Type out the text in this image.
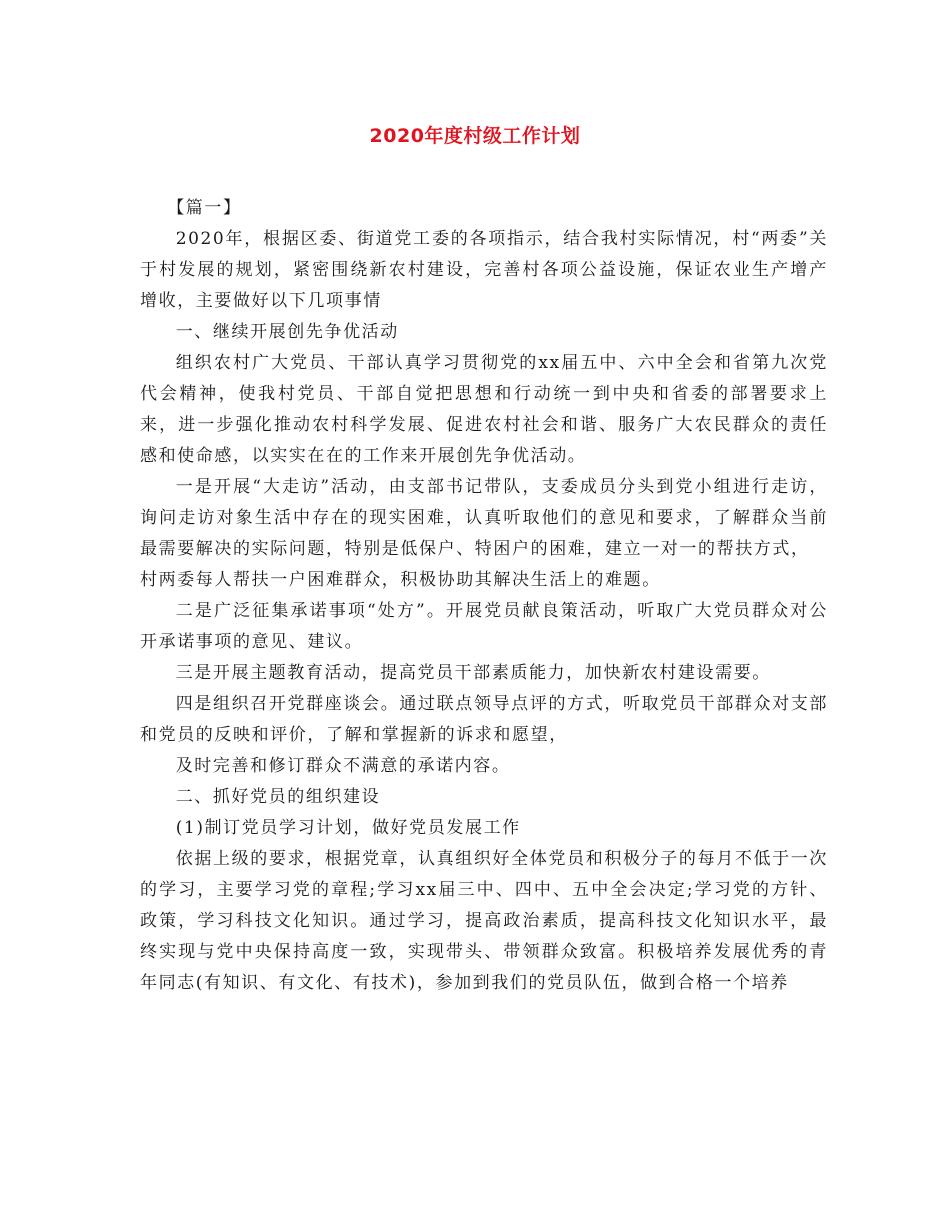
2020年度村级工作计划

【篇一】

2020年，根据区委、街道党工委的各项指示，结合我村实际情况，村“两委”关于村发展的规划，紧密围绕新农村建设，完善村各项公益设施，保证农业生产增产增收，主要做好以下几项事情

一、继续开展创先争优活动

组织农村广大党员、干部认真学习贯彻党的xx届五中、六中全会和省第九次党代会精神，使我村党员、干部自觉把思想和行动统一到中央和省委的部署要求上来，进一步强化推动农村科学发展、促进农村社会和谐、服务广大农民群众的责任感和使命感，以实实在在的工作来开展创先争优活动。

一是开展“大走访”活动，由支部书记带队，支委成员分头到党小组进行走访，询问走访对象生活中存在的现实困难，认真听取他们的意见和要求，了解群众当前最需要解决的实际问题，特别是低保户、特困户的困难，建立一对一的帮扶方式，

村两委每人帮扶一户困难群众，积极协助其解决生活上的难题。

二是广泛征集承诺事项“处方”。开展党员献良策活动，听取广大党员群众对公开承诺事项的意见、建议。

三是开展主题教育活动，提高党员干部素质能力，加快新农村建设需要。

四是组织召开党群座谈会。通过联点领导点评的方式，听取党员干部群众对支部和党员的反映和评价，了解和掌握新的诉求和愿望，

及时完善和修订群众不满意的承诺内容。

二、抓好党员的组织建设

(1)制订党员学习计划，做好党员发展工作

依据上级的要求，根据党章，认真组织好全体党员和积极分子的每月不低于一次的学习，主要学习党的章程;学习xx届三中、四中、五中全会决定;学习党的方针、政策，学习科技文化知识。通过学习，提高政治素质，提高科技文化知识水平，最终实现与党中央保持高度一致，实现带头、带领群众致富。积极培养发展优秀的青年同志(有知识、有文化、有技术)，参加到我们的党员队伍，做到合格一个培养
